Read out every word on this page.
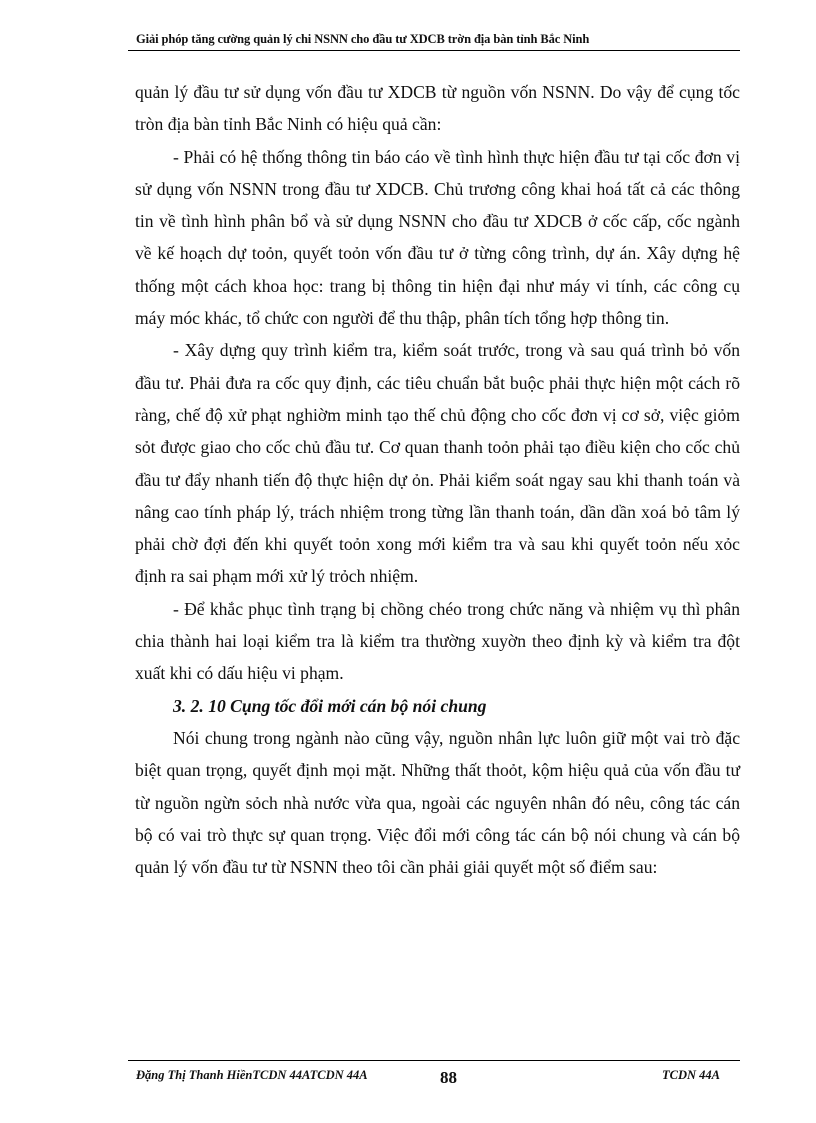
Giải phóp tăng cường quản lý chi NSNN cho đầu tư XDCB trờn địa bàn tỉnh Bắc Ninh

quản lý đầu tư sử dụng vốn đầu tư XDCB từ nguồn vốn NSNN. Do vậy để cụng tốc tròn địa bàn tỉnh Bắc Ninh có hiệu quả cần:

- Phải có hệ thống thông tin báo cáo về tình hình thực hiện đầu tư tại cốc đơn vị sử dụng vốn NSNN trong đầu tư XDCB. Chủ trương công khai hoá tất cả các thông tin về tình hình phân bổ và sử dụng NSNN cho đầu tư XDCB ở cốc cấp, cốc ngành về kế hoạch dự toỏn, quyết toỏn vốn đầu tư ở từng công trình, dự án. Xây dựng hệ thống một cách khoa học: trang bị thông tin hiện đại như máy vi tính, các công cụ máy móc khác, tổ chức con người để thu thập, phân tích tổng hợp thông tin.

- Xây dựng quy trình kiểm tra, kiểm soát trước, trong và sau quá trình bỏ vốn đầu tư. Phải đưa ra cốc quy định, các tiêu chuẩn bắt buộc phải thực hiện một cách rõ ràng, chế độ xử phạt nghiờm minh tạo thế chủ động cho cốc đơn vị cơ sở, việc giỏm sỏt được giao cho cốc chủ đầu tư. Cơ quan thanh toỏn phải tạo điều kiện cho cốc chủ đầu tư đẩy nhanh tiến độ thực hiện dự ỏn. Phải kiểm soát ngay sau khi thanh toán và nâng cao tính pháp lý, trách nhiệm trong từng lần thanh toán, dần dần xoá bỏ tâm lý phải chờ đợi đến khi quyết toỏn xong mới kiểm tra và sau khi quyết toỏn nếu xỏc định ra sai phạm mới xử lý trỏch nhiệm.

- Để khắc phục tình trạng bị chồng chéo trong chức năng và nhiệm vụ thì phân chia thành hai loại kiểm tra là kiểm tra thường xuyờn theo định kỳ và kiểm tra đột xuất khi có dấu hiệu vi phạm.

3. 2. 10 Cụng tốc đổi mới cán bộ nói chung

Nói chung trong ngành nào cũng vậy, nguồn nhân lực luôn giữ một vai trò đặc biệt quan trọng, quyết định mọi mặt. Những thất thoỏt, kộm hiệu quả của vốn đầu tư từ nguồn ngừn sỏch nhà nước vừa qua, ngoài các nguyên nhân đó nêu, công tác cán bộ có vai trò thực sự quan trọng. Việc đổi mới công tác cán bộ nói chung và cán bộ quản lý vốn đầu tư từ NSNN theo tôi cần phải giải quyết một số điểm sau:

Đặng Thị Thanh HiềnTCDN 44ATCDN 44A	88	TCDN 44A
